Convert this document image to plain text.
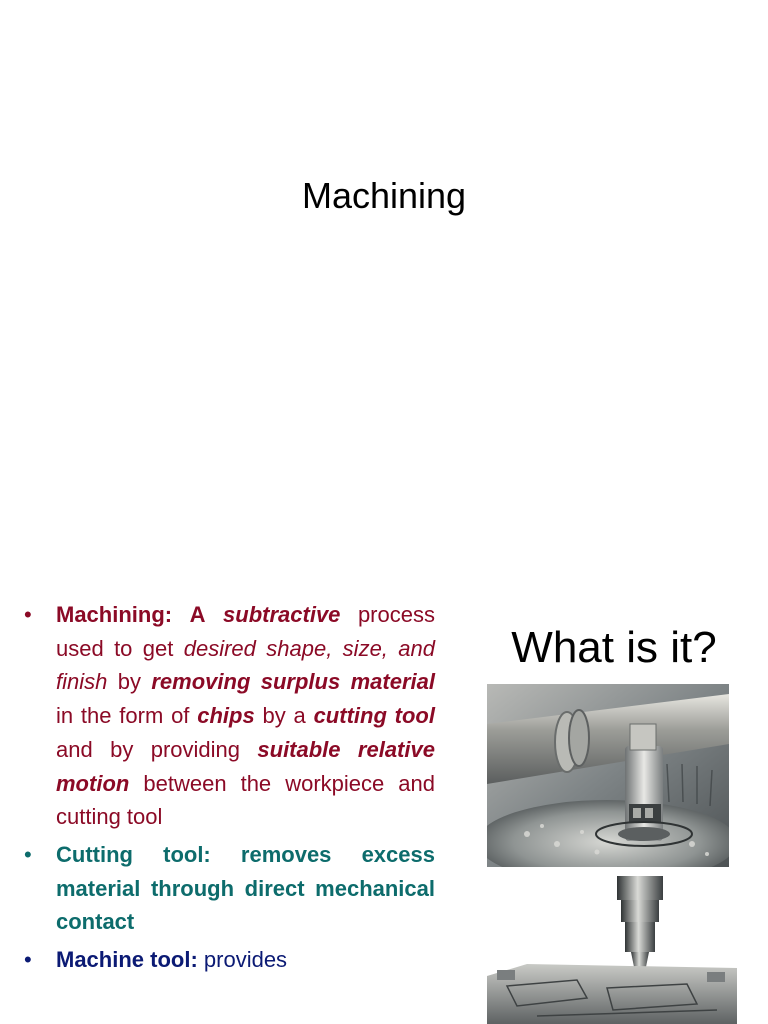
Machining
• Machining: A subtractive process used to get desired shape, size, and finish by removing surplus material in the form of chips by a cutting tool and by providing suitable relative motion between the workpiece and cutting tool
• Cutting tool: removes excess material through direct mechanical contact
• Machine tool: provides
What is it?
